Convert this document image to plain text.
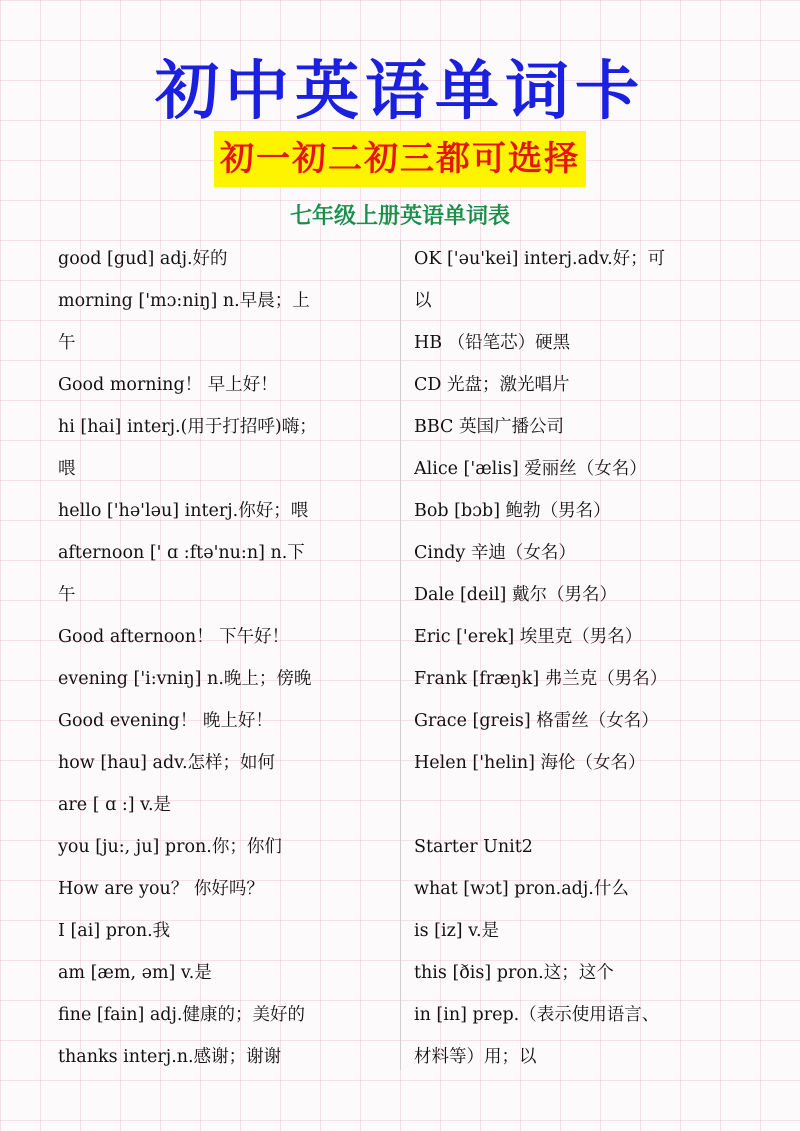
初中英语单词卡
初一初二初三都可选择
七年级上册英语单词表
good [gud] adj.好的
morning ['mɔ:niŋ] n.早晨；上
午
Good morning！ 早上好！
hi [hai] interj.(用于打招呼)嗨；
喂
hello ['hə'ləu] interj.你好；喂
afternoon [' ɑ :ftə'nu:n] n.下
午
Good afternoon！ 下午好！
evening ['i:vniŋ] n.晚上；傍晚
Good evening！ 晚上好！
how [hau] adv.怎样；如何
are [ ɑ :] v.是
you [ju:, ju] pron.你；你们
How are you？ 你好吗？
I [ai] pron.我
am [æm, əm] v.是
fine [fain] adj.健康的；美好的
thanks interj.n.感谢；谢谢
OK ['əu'kei] interj.adv.好；可
以
HB （铅笔芯）硬黑
CD 光盘；激光唱片
BBC 英国广播公司
Alice ['ælis] 爱丽丝（女名）
Bob [bɔb] 鲍勃（男名）
Cindy 辛迪（女名）
Dale [deil] 戴尔（男名）
Eric ['erek] 埃里克（男名）
Frank [fræŋk] 弗兰克（男名）
Grace [greis] 格雷丝（女名）
Helen ['helin] 海伦（女名）
Starter Unit2
what [wɔt] pron.adj.什么
is [iz] v.是
this [ðis] pron.这；这个
in [in] prep.（表示使用语言、
材料等）用；以
